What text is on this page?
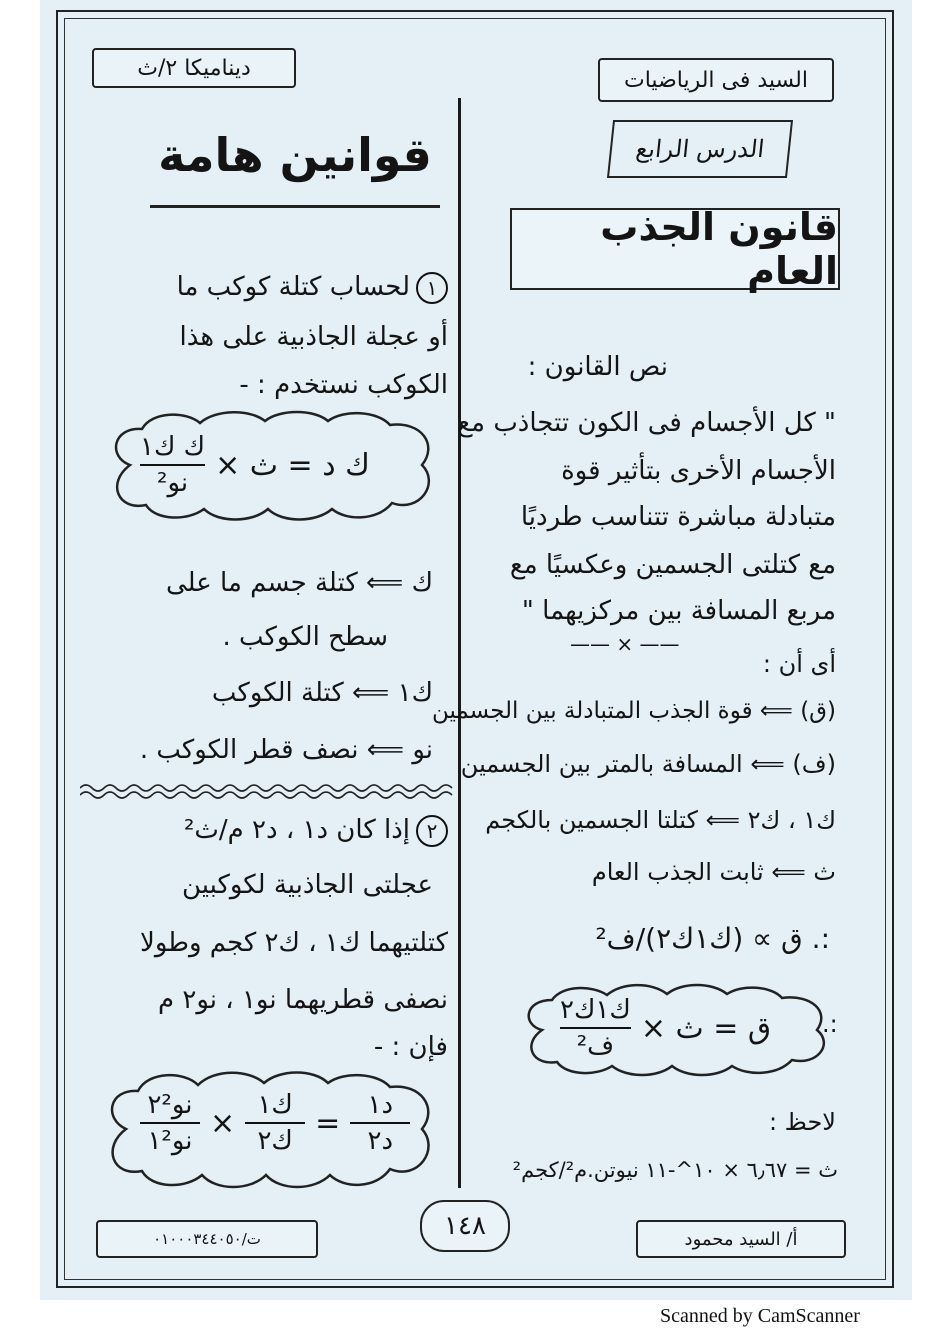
السيد فى الرياضيات
ديناميكا ٢/ث
الدرس الرابع
قانون الجذب العام
نص القانون :
" كل الأجسام فى الكون تتجاذب مع
الأجسام الأخرى بتأثير قوة
متبادلة مباشرة تتناسب طرديًا
مع كتلتى الجسمين وعكسيًا مع
مربع المسافة بين مركزيهما "
—— × ——
أى أن :
(ق) ⟸ قوة الجذب المتبادلة بين الجسمين
(ف) ⟸ المسافة بالمتر بين الجسمين
ك١ ، ك٢ ⟸ كتلتا الجسمين بالكجم
ث ⟸ ثابت الجذب العام
:. ق ∝ (ك١ك٢)/ف²
ق = ث ×
$\frac{\text{ك١ك٢}}{\text{ف²}}$	:.
لاحظ :
ث = ٦٫٦٧ × ١٠^-١١ نيوتن.م²/كجم²
قوانين هامة
١لحساب كتلة كوكب ما
أو عجلة الجاذبية على هذا
الكوكب نستخدم : -
ك د = ث ×
$\frac{\text{ك ك١}}{\text{نو²}}$
ك ⟸ كتلة جسم ما على
سطح الكوكب .
ك١ ⟸ كتلة الكوكب
نو ⟸ نصف قطر الكوكب .
٢إذا كان د١ ، د٢ م/ث²
عجلتى الجاذبية لكوكبين
كتلتيهما ك١ ، ك٢ كجم وطولا
نصفى قطريهما نو١ ، نو٢ م
فإن : -
$\frac{\text{نو٢²}}{\text{نو١²}} \times \frac{\text{ك١}}{\text{ك٢}} = \frac{\text{د١}}{\text{د٢}}$
ت/٠١٠٠٠٣٤٤٠٥٠	١٤٨	أ/ السيد محمود
Scanned by CamScanner
